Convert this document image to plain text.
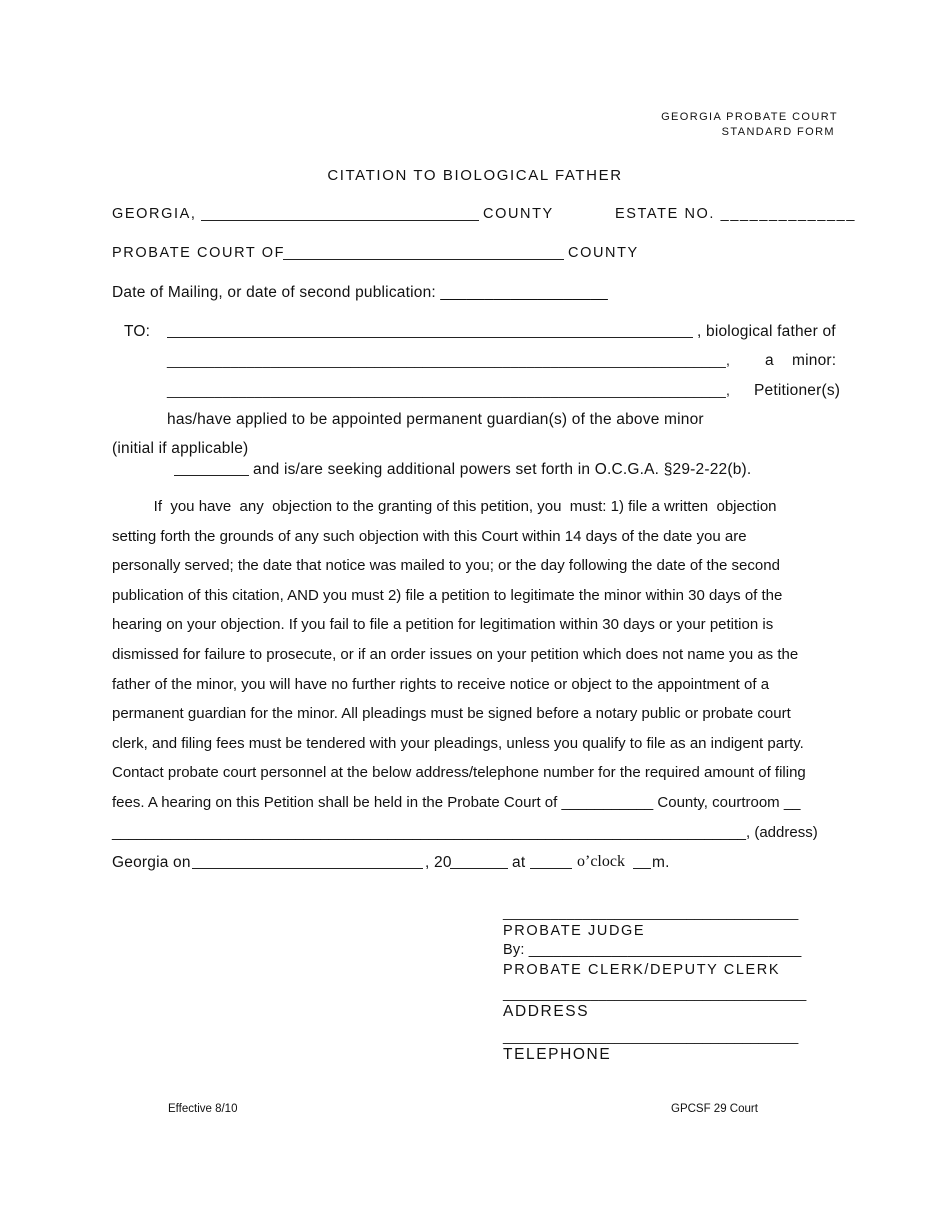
GEORGIA PROBATE COURT
STANDARD FORM
CITATION TO BIOLOGICAL FATHER
GEORGIA,	COUNTY	ESTATE NO. ______________
PROBATE COURT OF	COUNTY
Date of Mailing, or date of second publication: ___________________
TO:	, biological father of
______________________________________________________________________, a minor:
______________________________________________________________________, Petitioner(s)
has/have applied to be appointed permanent guardian(s) of the above minor
(initial if applicable)
and is/are seeking additional powers set forth in O.C.G.A. §29-2-22(b).

If  you have  any  objection to the granting of this petition, you  must: 1) file a written  objection

setting forth the grounds of any such objection with this Court within 14 days of the date you are

personally served; the date that notice was mailed to you; or the day following the date of the second

publication of this citation, AND you must 2) file a petition to legitimate the minor within 30 days of the

hearing on your objection. If you fail to file a petition for legitimation within 30 days or your petition is

dismissed for failure to prosecute, or if an order issues on your petition which does not name you as the

father of the minor, you will have no further rights to receive notice or object to the appointment of a

permanent guardian for the minor. All pleadings must be signed before a notary public or probate court

clerk, and filing fees must be tendered with your pleadings, unless you qualify to file as an indigent party.

Contact probate court personnel at the below address/telephone number for the required amount of filing

fees. A hearing on this Petition shall be held in the Probate Court of ___________ County, courtroom __

____________________________________________________________________________, (address)

Georgia on	, 20	at	o’clock m.
_____________________________________
PROBATE JUDGE
By: _________________________________
PROBATE CLERK/DEPUTY CLERK
______________________________________
ADDRESS
_____________________________________
TELEPHONE
Effective 8/10	GPCSF 29 Court
